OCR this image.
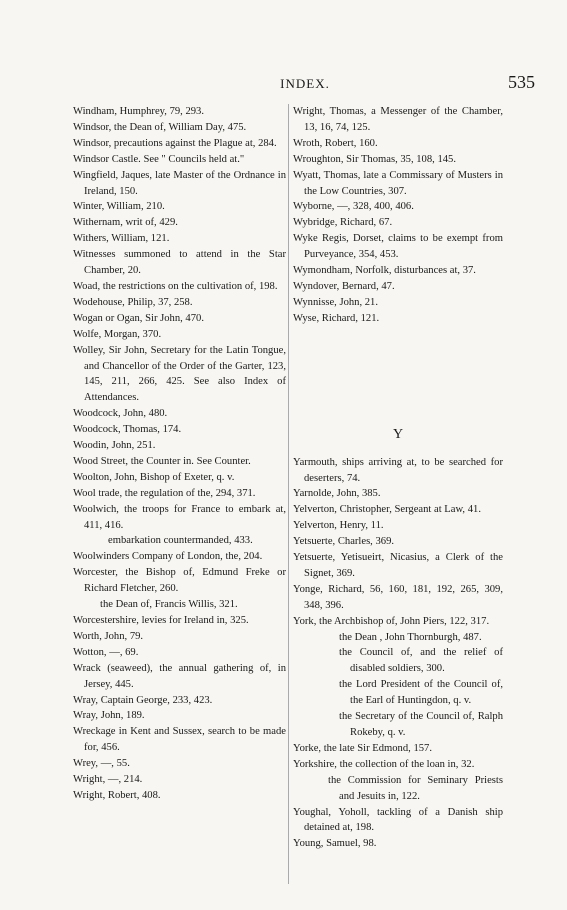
INDEX.	535
Windham, Humphrey, 79, 293.
Windsor, the Dean of, William Day, 475.
Windsor, precautions against the Plague at, 284.
Windsor Castle. See " Councils held at."
Wingfield, Jaques, late Master of the Ordnance in Ireland, 150.
Winter, William, 210.
Withernam, writ of, 429.
Withers, William, 121.
Witnesses summoned to attend in the Star Chamber, 20.
Woad, the restrictions on the cultivation of, 198.
Wodehouse, Philip, 37, 258.
Wogan or Ogan, Sir John, 470.
Wolfe, Morgan, 370.
Wolley, Sir John, Secretary for the Latin Tongue, and Chancellor of the Order of the Garter, 123, 145, 211, 266, 425. See also Index of Attendances.
Woodcock, John, 480.
Woodcock, Thomas, 174.
Woodin, John, 251.
Wood Street, the Counter in. See Counter.
Woolton, John, Bishop of Exeter, q. v.
Wool trade, the regulation of the, 294, 371.
Woolwich, the troops for France to embark at, 411, 416.
embarkation countermanded, 433.
Woolwinders Company of London, the, 204.
Worcester, the Bishop of, Edmund Freke or Richard Fletcher, 260.
the Dean of, Francis Willis, 321.
Worcestershire, levies for Ireland in, 325.
Worth, John, 79.
Wotton, —, 69.
Wrack (seaweed), the annual gathering of, in Jersey, 445.
Wray, Captain George, 233, 423.
Wray, John, 189.
Wreckage in Kent and Sussex, search to be made for, 456.
Wrey, —, 55.
Wright, —, 214.
Wright, Robert, 408.
Wright, Thomas, a Messenger of the Chamber, 13, 16, 74, 125.
Wroth, Robert, 160.
Wroughton, Sir Thomas, 35, 108, 145.
Wyatt, Thomas, late a Commissary of Musters in the Low Countries, 307.
Wyborne, —, 328, 400, 406.
Wybridge, Richard, 67.
Wyke Regis, Dorset, claims to be exempt from Purveyance, 354, 453.
Wymondham, Norfolk, disturbances at, 37.
Wyndover, Bernard, 47.
Wynnisse, John, 21.
Wyse, Richard, 121.
Y
Yarmouth, ships arriving at, to be searched for deserters, 74.
Yarnolde, John, 385.
Yelverton, Christopher, Sergeant at Law, 41.
Yelverton, Henry, 11.
Yetsuerte, Charles, 369.
Yetsuerte, Yetisueirt, Nicasius, a Clerk of the Signet, 369.
Yonge, Richard, 56, 160, 181, 192, 265, 309, 348, 396.
York, the Archbishop of, John Piers, 122, 317.
the Dean , John Thornburgh, 487.
the Council of, and the relief of disabled soldiers, 300.
the Lord President of the Council of, the Earl of Huntingdon, q. v.
the Secretary of the Council of, Ralph Rokeby, q. v.
Yorke, the late Sir Edmond, 157.
Yorkshire, the collection of the loan in, 32.
the Commission for Seminary Priests and Jesuits in, 122.
Youghal, Yoholl, tackling of a Danish ship detained at, 198.
Young, Samuel, 98.
